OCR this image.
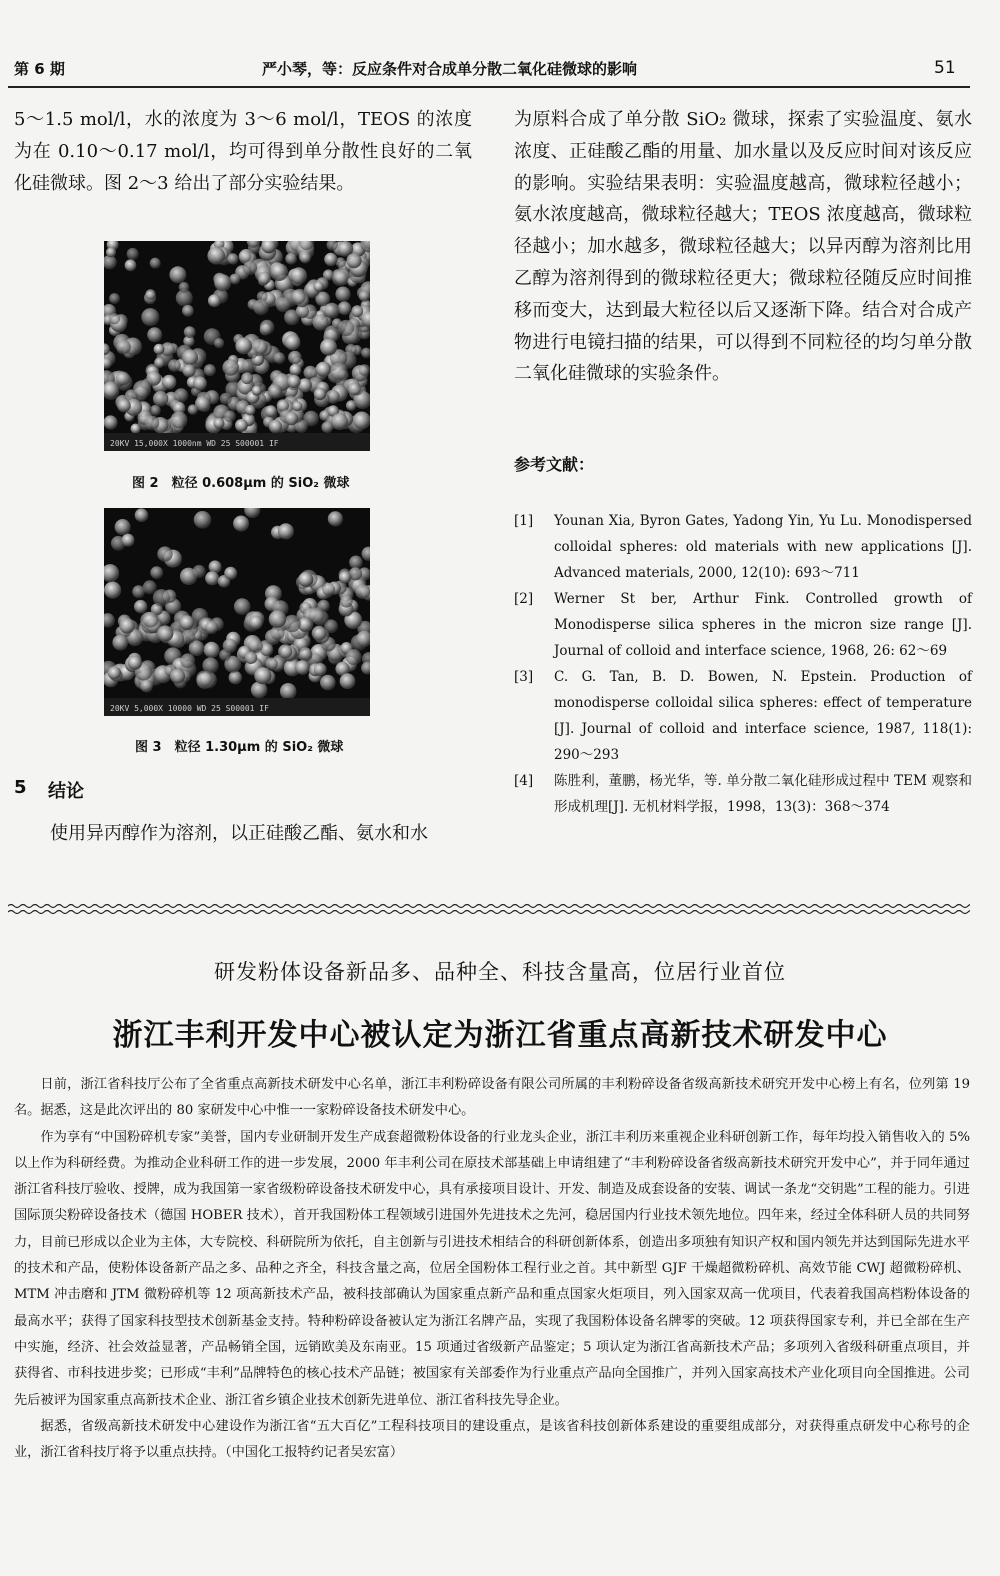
第 6 期	严小琴，等：反应条件对合成单分散二氧化硅微球的影响	51

5～1.5 mol/l，水的浓度为 3～6 mol/l，TEOS 的浓度为在 0.10～0.17 mol/l，均可得到单分散性良好的二氧化硅微球。图 2～3 给出了部分实验结果。

20KV 15,000X 1000nm WD 25 S00001 IF
图 2　粒径 0.608μm 的 SiO₂ 微球
20KV 5,000X 10000 WD 25 S00001 IF
图 3　粒径 1.30μm 的 SiO₂ 微球
5 结论
使用异丙醇作为溶剂，以正硅酸乙酯、氨水和水

为原料合成了单分散 SiO₂ 微球，探索了实验温度、氨水浓度、正硅酸乙酯的用量、加水量以及反应时间对该反应的影响。实验结果表明：实验温度越高，微球粒径越小；氨水浓度越高，微球粒径越大；TEOS 浓度越高，微球粒径越小；加水越多，微球粒径越大；以异丙醇为溶剂比用乙醇为溶剂得到的微球粒径更大；微球粒径随反应时间推移而变大，达到最大粒径以后又逐渐下降。结合对合成产物进行电镜扫描的结果，可以得到不同粒径的均匀单分散二氧化硅微球的实验条件。

参考文献：
[1] Younan Xia, Byron Gates, Yadong Yin, Yu Lu. Monodispersed colloidal spheres: old materials with new applications [J]. Advanced materials, 2000, 12(10): 693～711
[2] Werner St ber, Arthur Fink. Controlled growth of Monodisperse silica spheres in the micron size range [J]. Journal of colloid and interface science, 1968, 26: 62～69
[3] C. G. Tan, B. D. Bowen, N. Epstein. Production of monodisperse colloidal silica spheres: effect of temperature [J]. Journal of colloid and interface science, 1987, 118(1): 290～293
[4] 陈胜利，董鹏，杨光华，等. 单分散二氧化硅形成过程中 TEM 观察和形成机理[J]. 无机材料学报，1998，13(3)：368～374
研发粉体设备新品多、品种全、科技含量高，位居行业首位
浙江丰利开发中心被认定为浙江省重点高新技术研发中心

日前，浙江省科技厅公布了全省重点高新技术研发中心名单，浙江丰利粉碎设备有限公司所属的丰利粉碎设备省级高新技术研究开发中心榜上有名，位列第 19 名。据悉，这是此次评出的 80 家研发中心中惟一一家粉碎设备技术研发中心。

作为享有“中国粉碎机专家”美誉，国内专业研制开发生产成套超微粉体设备的行业龙头企业，浙江丰利历来重视企业科研创新工作，每年均投入销售收入的 5%以上作为科研经费。为推动企业科研工作的进一步发展，2000 年丰利公司在原技术部基础上申请组建了“丰利粉碎设备省级高新技术研究开发中心”，并于同年通过浙江省科技厅验收、授牌，成为我国第一家省级粉碎设备技术研发中心，具有承接项目设计、开发、制造及成套设备的安装、调试一条龙“交钥匙”工程的能力。引进国际顶尖粉碎设备技术（德国 HOBER 技术），首开我国粉体工程领域引进国外先进技术之先河，稳居国内行业技术领先地位。四年来，经过全体科研人员的共同努力，目前已形成以企业为主体，大专院校、科研院所为依托，自主创新与引进技术相结合的科研创新体系，创造出多项独有知识产权和国内领先并达到国际先进水平的技术和产品，使粉体设备新产品之多、品种之齐全，科技含量之高，位居全国粉体工程行业之首。其中新型 GJF 干燥超微粉碎机、高效节能 CWJ 超微粉碎机、MTM 冲击磨和 JTM 微粉碎机等 12 项高新技术产品，被科技部确认为国家重点新产品和重点国家火炬项目，列入国家双高一优项目，代表着我国高档粉体设备的最高水平；获得了国家科技型技术创新基金支持。特种粉碎设备被认定为浙江名牌产品，实现了我国粉体设备名牌零的突破。12 项获得国家专利，并已全部在生产中实施，经济、社会效益显著，产品畅销全国，远销欧美及东南亚。15 项通过省级新产品鉴定；5 项认定为浙江省高新技术产品；多项列入省级科研重点项目，并获得省、市科技进步奖；已形成“丰利”品牌特色的核心技术产品链；被国家有关部委作为行业重点产品向全国推广，并列入国家高技术产业化项目向全国推进。公司先后被评为国家重点高新技术企业、浙江省乡镇企业技术创新先进单位、浙江省科技先导企业。

据悉，省级高新技术研发中心建设作为浙江省“五大百亿”工程科技项目的建设重点，是该省科技创新体系建设的重要组成部分，对获得重点研发中心称号的企业，浙江省科技厅将予以重点扶持。（中国化工报特约记者吴宏富）
